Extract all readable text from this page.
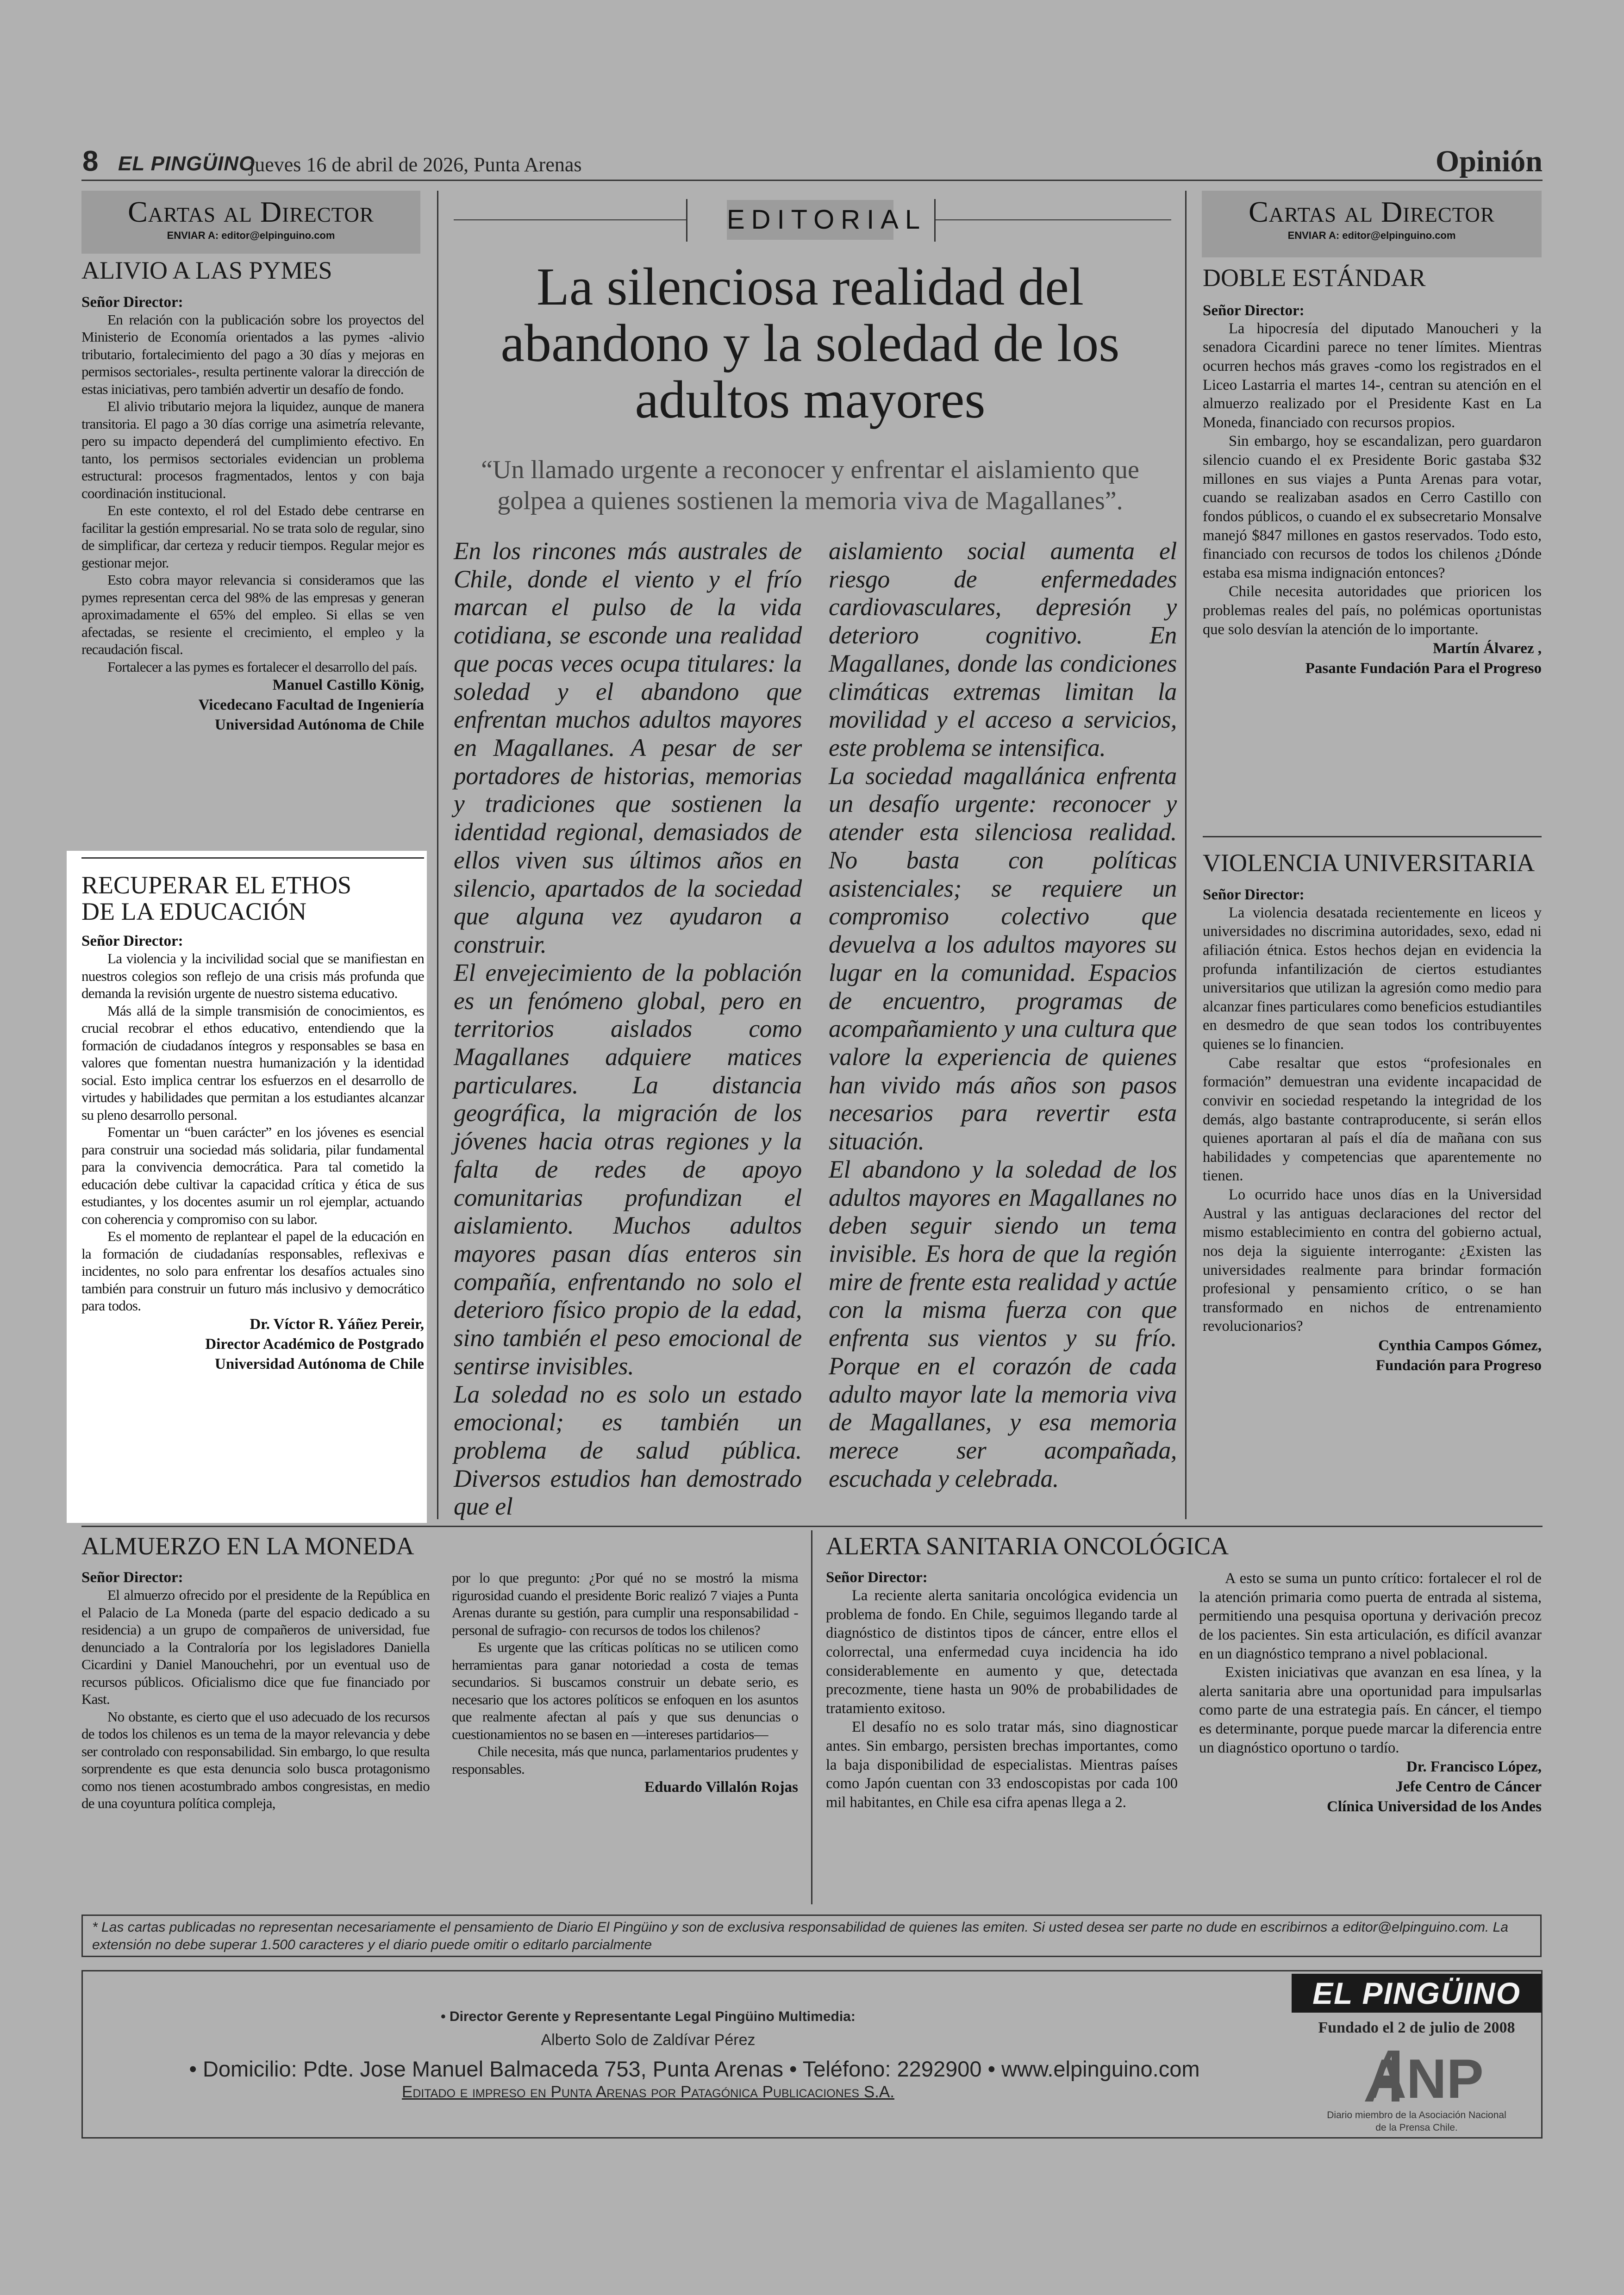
8 EL PINGÜINO
jueves 16 de abril de 2026, Punta Arenas	Opinión
Cartas al Director
ENVIAR A: editor@elpinguino.com
ALIVIO A LAS PYMES
Señor Director:

En relación con la publicación sobre los proyectos del Ministerio de Economía orientados a las pymes -alivio tributario, fortalecimiento del pago a 30 días y mejoras en permisos sectoriales-, resulta pertinente valorar la dirección de estas iniciativas, pero también advertir un desafío de fondo.

El alivio tributario mejora la liquidez, aunque de manera transitoria. El pago a 30 días corrige una asimetría relevante, pero su impacto dependerá del cumplimiento efectivo. En tanto, los permisos sectoriales evidencian un problema estructural: procesos fragmentados, lentos y con baja coordinación institucional.

En este contexto, el rol del Estado debe centrarse en facilitar la gestión empresarial. No se trata solo de regular, sino de simplificar, dar certeza y reducir tiempos. Regular mejor es gestionar mejor.

Esto cobra mayor relevancia si consideramos que las pymes representan cerca del 98% de las empresas y generan aproximadamente el 65% del empleo. Si ellas se ven afectadas, se resiente el crecimiento, el empleo y la recaudación fiscal.

Fortalecer a las pymes es fortalecer el desarrollo del país.

Manuel Castillo König,
Vicedecano Facultad de Ingeniería
Universidad Autónoma de Chile
RECUPERAR EL ETHOS DE LA EDUCACIÓN
Señor Director:

La violencia y la incivilidad social que se manifiestan en nuestros colegios son reflejo de una crisis más profunda que demanda la revisión urgente de nuestro sistema educativo.

Más allá de la simple transmisión de conocimientos, es crucial recobrar el ethos educativo, entendiendo que la formación de ciudadanos íntegros y responsables se basa en valores que fomentan nuestra humanización y la identidad social. Esto implica centrar los esfuerzos en el desarrollo de virtudes y habilidades que permitan a los estudiantes alcanzar su pleno desarrollo personal.

Fomentar un “buen carácter” en los jóvenes es esencial para construir una sociedad más solidaria, pilar fundamental para la convivencia democrática. Para tal cometido la educación debe cultivar la capacidad crítica y ética de sus estudiantes, y los docentes asumir un rol ejemplar, actuando con coherencia y compromiso con su labor.

Es el momento de replantear el papel de la educación en la formación de ciudadanías responsables, reflexivas e incidentes, no solo para enfrentar los desafíos actuales sino también para construir un futuro más inclusivo y democrático para todos.

Dr. Víctor R. Yáñez Pereir,
Director Académico de Postgrado
Universidad Autónoma de Chile
EDITORIAL
La silenciosa realidad del abandono y la soledad de los adultos mayores
“Un llamado urgente a reconocer y enfrentar el aislamiento que golpea a quienes sostienen la memoria viva de Magallanes”.

En los rincones más australes de Chile, donde el viento y el frío marcan el pulso de la vida cotidiana, se esconde una realidad que pocas veces ocupa titulares: la soledad y el abandono que enfrentan muchos adultos mayores en Magallanes. A pesar de ser portadores de historias, memorias y tradiciones que sostienen la identidad regional, demasiados de ellos viven sus últimos años en silencio, apartados de la sociedad que alguna vez ayudaron a construir.

El envejecimiento de la población es un fenómeno global, pero en territorios aislados como Magallanes adquiere matices particulares. La distancia geográfica, la migración de los jóvenes hacia otras regiones y la falta de redes de apoyo comunitarias profundizan el aislamiento. Muchos adultos mayores pasan días enteros sin compañía, enfrentando no solo el deterioro físico propio de la edad, sino también el peso emocional de sentirse invisibles.

La soledad no es solo un estado emocional; es también un problema de salud pública. Diversos estudios han demostrado que el

aislamiento social aumenta el riesgo de enfermedades cardiovasculares, depresión y deterioro cognitivo. En Magallanes, donde las condiciones climáticas extremas limitan la movilidad y el acceso a servicios, este problema se intensifica.

La sociedad magallánica enfrenta un desafío urgente: reconocer y atender esta silenciosa realidad. No basta con políticas asistenciales; se requiere un compromiso colectivo que devuelva a los adultos mayores su lugar en la comunidad. Espacios de encuentro, programas de acompañamiento y una cultura que valore la experiencia de quienes han vivido más años son pasos necesarios para revertir esta situación.

El abandono y la soledad de los adultos mayores en Magallanes no deben seguir siendo un tema invisible. Es hora de que la región mire de frente esta realidad y actúe con la misma fuerza con que enfrenta sus vientos y su frío. Porque en el corazón de cada adulto mayor late la memoria viva de Magallanes, y esa memoria merece ser acompañada, escuchada y celebrada.

Cartas al Director
ENVIAR A: editor@elpinguino.com
DOBLE ESTÁNDAR
Señor Director:

La hipocresía del diputado Manoucheri y la senadora Cicardini parece no tener límites. Mientras ocurren hechos más graves -como los registrados en el Liceo Lastarria el martes 14-, centran su atención en el almuerzo realizado por el Presidente Kast en La Moneda, financiado con recursos propios.

Sin embargo, hoy se escandalizan, pero guardaron silencio cuando el ex Presidente Boric gastaba $32 millones en sus viajes a Punta Arenas para votar, cuando se realizaban asados en Cerro Castillo con fondos públicos, o cuando el ex subsecretario Monsalve manejó $847 millones en gastos reservados. Todo esto, financiado con recursos de todos los chilenos ¿Dónde estaba esa misma indignación entonces?

Chile necesita autoridades que prioricen los problemas reales del país, no polémicas oportunistas que solo desvían la atención de lo importante.

Martín Álvarez ,
Pasante Fundación Para el Progreso
VIOLENCIA UNIVERSITARIA
Señor Director:

La violencia desatada recientemente en liceos y universidades no discrimina autoridades, sexo, edad ni afiliación étnica. Estos hechos dejan en evidencia la profunda infantilización de ciertos estudiantes universitarios que utilizan la agresión como medio para alcanzar fines particulares como beneficios estudiantiles en desmedro de que sean todos los contribuyentes quienes se lo financien.

Cabe resaltar que estos “profesionales en formación” demuestran una evidente incapacidad de convivir en sociedad respetando la integridad de los demás, algo bastante contraproducente, si serán ellos quienes aportaran al país el día de mañana con sus habilidades y competencias que aparentemente no tienen.

Lo ocurrido hace unos días en la Universidad Austral y las antiguas declaraciones del rector del mismo establecimiento en contra del gobierno actual, nos deja la siguiente interrogante: ¿Existen las universidades realmente para brindar formación profesional y pensamiento crítico, o se han transformado en nichos de entrenamiento revolucionarios?

Cynthia Campos Gómez,
Fundación para Progreso
ALMUERZO EN LA MONEDA
Señor Director:

El almuerzo ofrecido por el presidente de la República en el Palacio de La Moneda (parte del espacio dedicado a su residencia) a un grupo de compañeros de universidad, fue denunciado a la Contraloría por los legisladores Daniella Cicardini y Daniel Manouchehri, por un eventual uso de recursos públicos. Oficialismo dice que fue financiado por Kast.

No obstante, es cierto que el uso adecuado de los recursos de todos los chilenos es un tema de la mayor relevancia y debe ser controlado con responsabilidad. Sin embargo, lo que resulta sorprendente es que esta denuncia solo busca protagonismo como nos tienen acostumbrado ambos congresistas, en medio de una coyuntura política compleja,

por lo que pregunto: ¿Por qué no se mostró la misma rigurosidad cuando el presidente Boric realizó 7 viajes a Punta Arenas durante su gestión, para cumplir una responsabilidad -personal de sufragio- con recursos de todos los chilenos?

Es urgente que las críticas políticas no se utilicen como herramientas para ganar notoriedad a costa de temas secundarios. Si buscamos construir un debate serio, es necesario que los actores políticos se enfoquen en los asuntos que realmente afectan al país y que sus denuncias o cuestionamientos no se basen en —intereses partidarios—

Chile necesita, más que nunca, parlamentarios prudentes y responsables.

Eduardo Villalón Rojas
ALERTA SANITARIA ONCOLÓGICA
Señor Director:

La reciente alerta sanitaria oncológica evidencia un problema de fondo. En Chile, seguimos llegando tarde al diagnóstico de distintos tipos de cáncer, entre ellos el colorrectal, una enfermedad cuya incidencia ha ido considerablemente en aumento y que, detectada precozmente, tiene hasta un 90% de probabilidades de tratamiento exitoso.

El desafío no es solo tratar más, sino diagnosticar antes. Sin embargo, persisten brechas importantes, como la baja disponibilidad de especialistas. Mientras países como Japón cuentan con 33 endoscopistas por cada 100 mil habitantes, en Chile esa cifra apenas llega a 2.

A esto se suma un punto crítico: fortalecer el rol de la atención primaria como puerta de entrada al sistema, permitiendo una pesquisa oportuna y derivación precoz de los pacientes. Sin esta articulación, es difícil avanzar en un diagnóstico temprano a nivel poblacional.

Existen iniciativas que avanzan en esa línea, y la alerta sanitaria abre una oportunidad para impulsarlas como parte de una estrategia país. En cáncer, el tiempo es determinante, porque puede marcar la diferencia entre un diagnóstico oportuno o tardío.

Dr. Francisco López,
Jefe Centro de Cáncer
Clínica Universidad de los Andes
* Las cartas publicadas no representan necesariamente el pensamiento de Diario El Pingüino y son de exclusiva responsabilidad de quienes las emiten. Si usted desea ser parte no dude en escribirnos a editor@elpinguino.com. La extensión no debe superar 1.500 caracteres y el diario puede omitir o editarlo parcialmente
• Director Gerente y Representante Legal Pingüino Multimedia:
Alberto Solo de Zaldívar Pérez
• Domicilio: Pdte. Jose Manuel Balmaceda 753, Punta Arenas • Teléfono: 2292900 • www.elpinguino.com
Editado e impreso en Punta Arenas por Patagónica Publicaciones S.A.
EL PINGÜINO
Fundado el 2 de julio de 2008
ANP
Diario miembro de la Asociación Nacional de la Prensa Chile.
